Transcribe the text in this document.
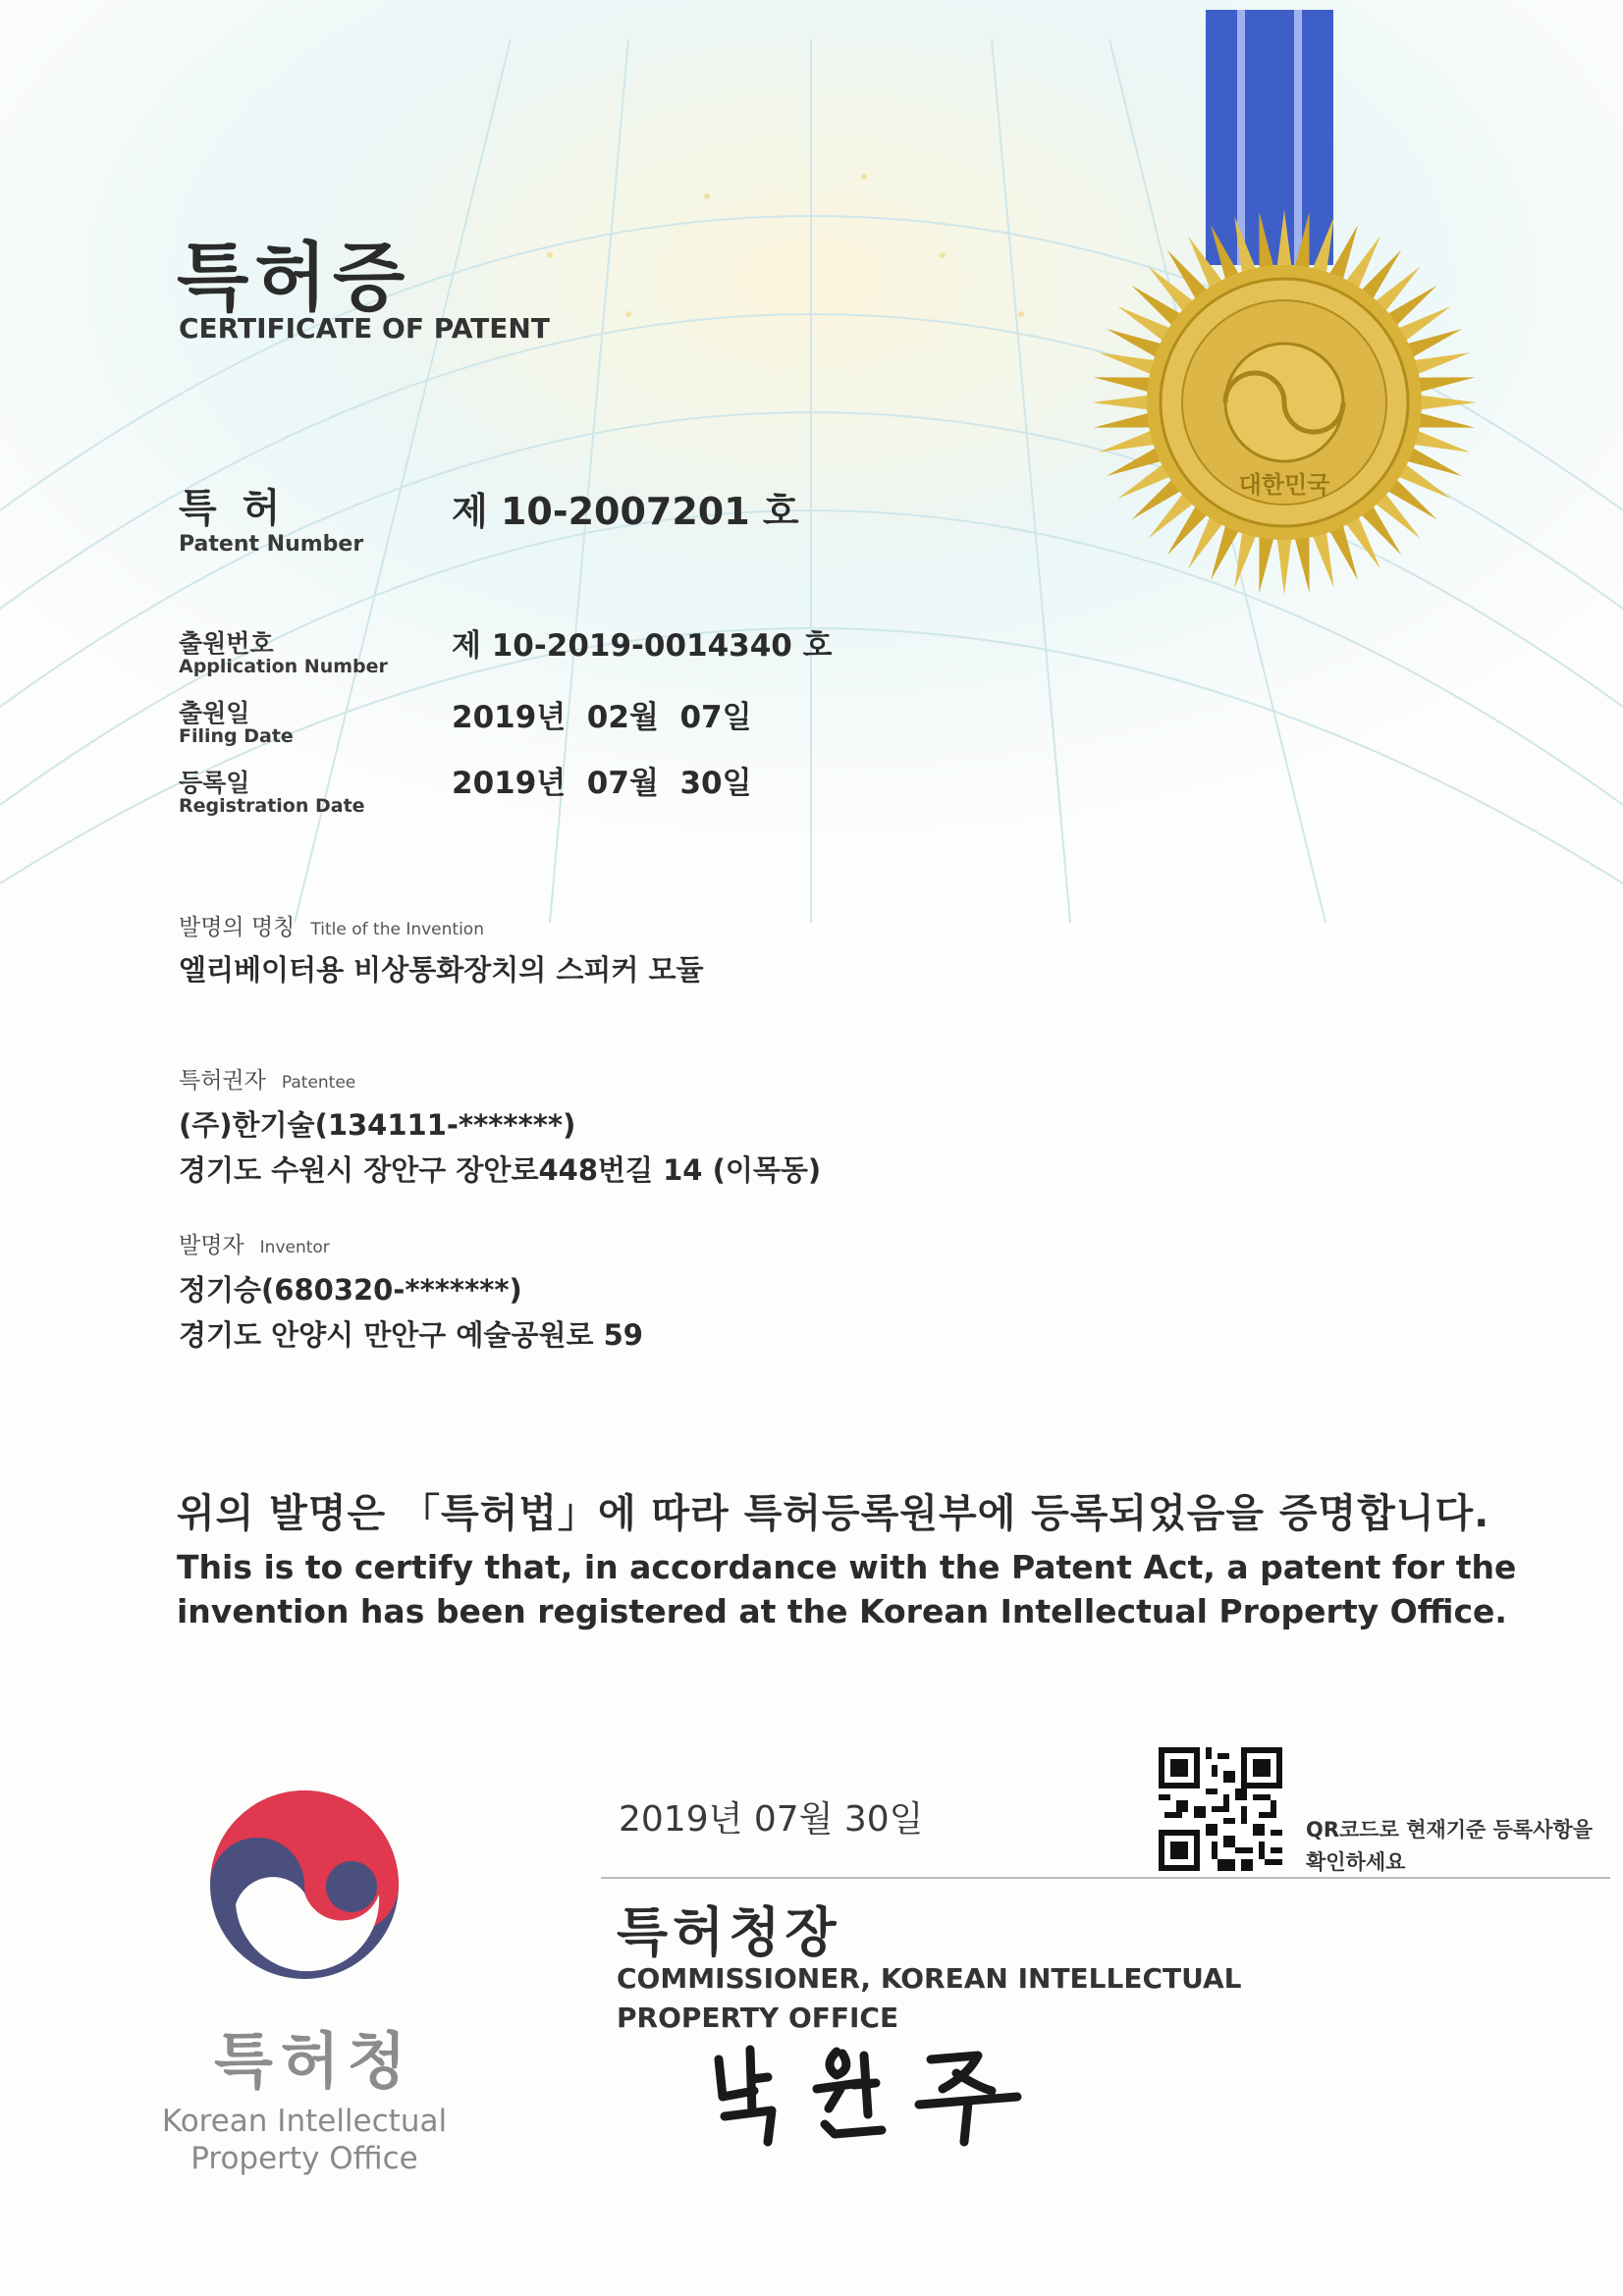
특허증
CERTIFICATE OF PATENT
특 허
Patent Number
제 10-2007201 호
출원번호
Application Number
제 10-2019-0014340 호
출원일
Filing Date
2019년  02월  07일
등록일
Registration Date
2019년  07월  30일
발명의 명칭 Title of the Invention
엘리베이터용 비상통화장치의 스피커 모듈
특허권자 Patentee
(주)한기술(134111-*******)
경기도 수원시 장안구 장안로448번길 14 (이목동)
발명자 Inventor
정기승(680320-*******)
경기도 안양시 만안구 예술공원로 59
위의 발명은 「특허법」에 따라 특허등록원부에 등록되었음을 증명합니다.
This is to certify that, in accordance with the Patent Act, a patent for the invention has been registered at the Korean Intellectual Property Office.
2019년 07월 30일
특허청장
COMMISSIONER, KOREAN INTELLECTUAL PROPERTY OFFICE
QR코드로 현재기준 등록사항을 확인하세요
대한민국
특허청
Korean Intellectual Property Office
